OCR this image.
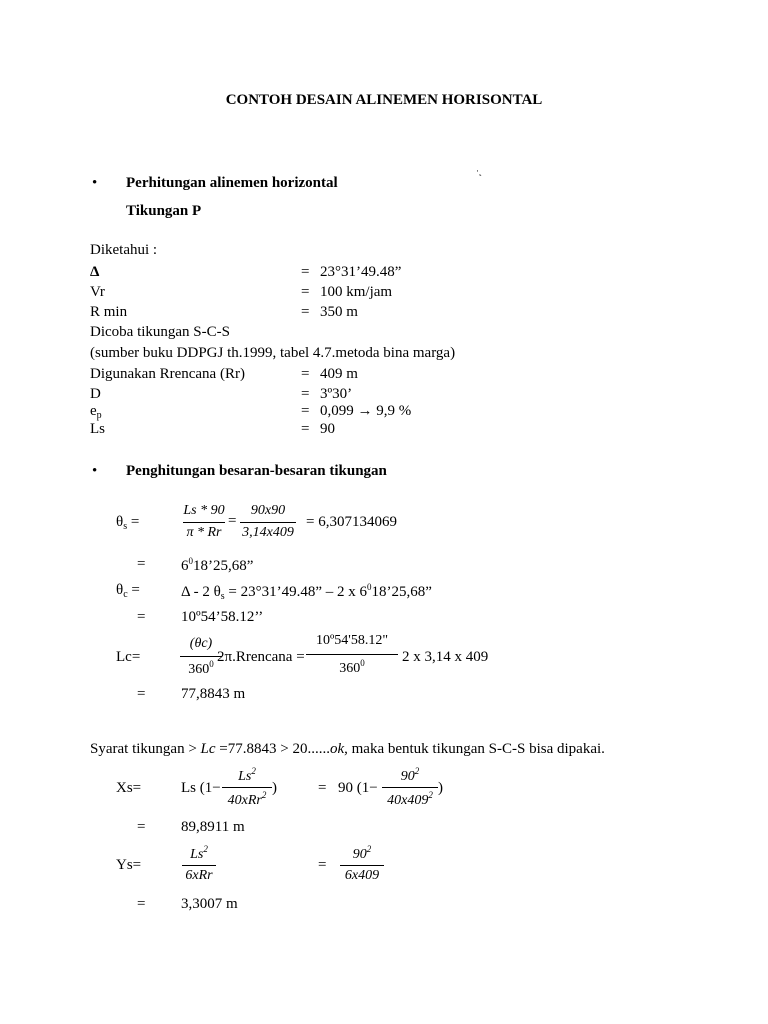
CONTOH DESAIN ALINEMEN HORISONTAL
·˛
• Perhitungan alinemen horizontal
Tikungan P
Diketahui :
Δ	= 23°31’49.48”
Vr	= 100 km/jam
R min	= 350 m
Dicoba tikungan S-C-S
(sumber buku DDPGJ th.1999, tabel 4.7.metoda bina marga)
Digunakan Rrencana (Rr)	= 409 m
D	= 3º30’
$e_p$	= 0,099 → 9,9 %
Ls	= 90
• Penghitungan besaran-besaran tikungan
$\theta_s$ =
Ls * 90
π * Rr
=
90x90
3,14x409
= 6,307134069
= $6^018’25,68$”
$\theta_c$ =	Δ - 2 $\theta_s$ = 23°31’49.48” – 2 x $6^018’25,68$”
= 10º54’58.12’’
Lc=
(θc)
$360^0$ 2π.Rrencana =
10º54'58.12"
$360^0$	2 x 3,14 x 409
= 77,8843 m
Syarat tikungan > Lc =77.8843 > 20......ok, maka bentuk tikungan S-C-S bisa dipakai.
Xs=	Ls (1−
$Ls^2$
40xRr$^2$ )	= 90 (1−
$90^2$
$40x409^2$ )
= 89,8911 m
Ys=
$Ls^2$
6xRr
=
$90^2$
6x409
= 3,3007 m
